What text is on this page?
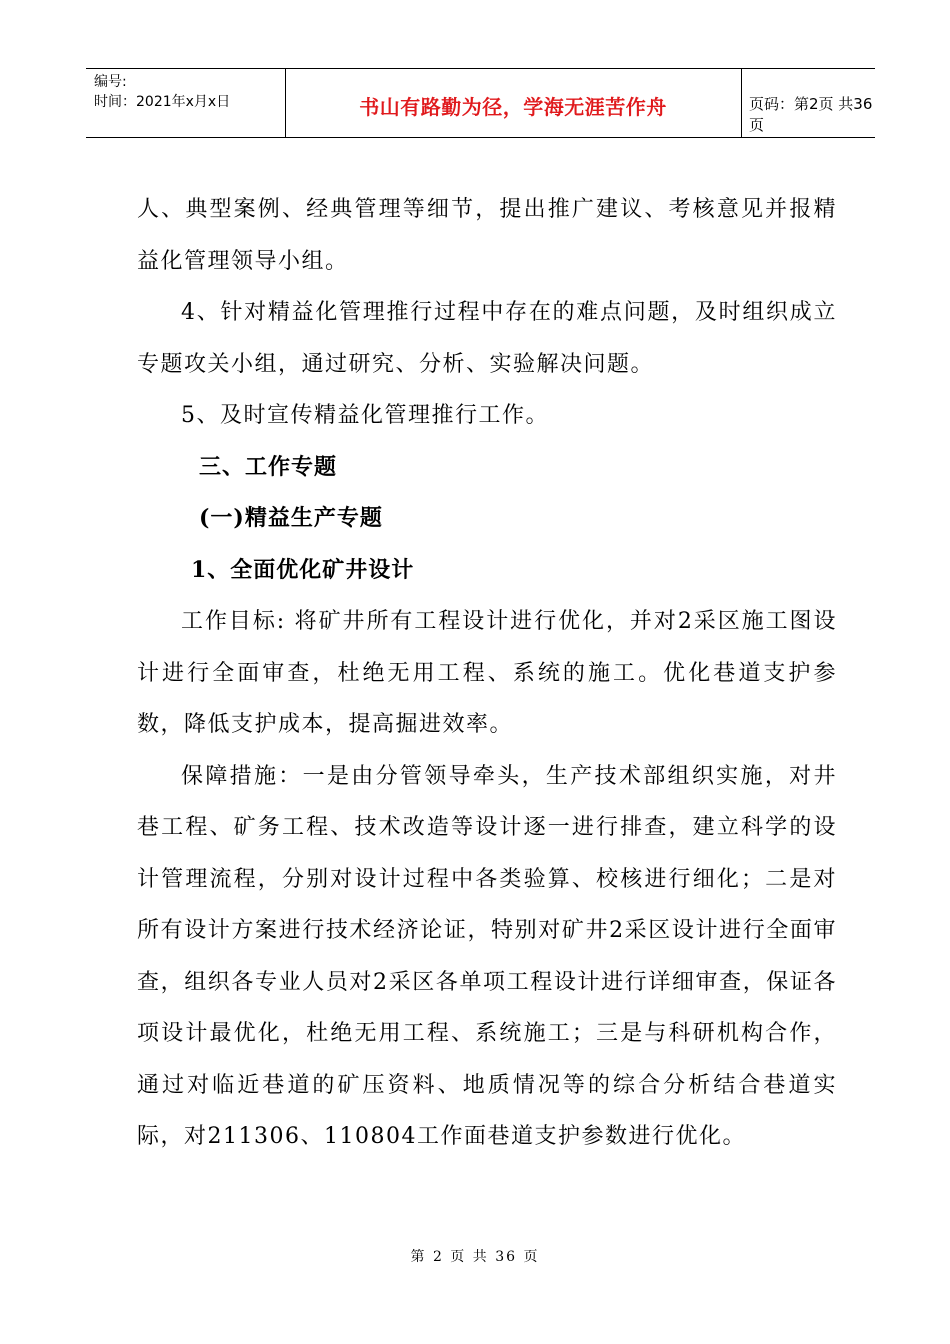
编号:
时间：2021年x月x日	书山有路勤为径，学海无涯苦作舟	页码：第2页 共36页

人、典型案例、经典管理等细节，提出推广建议、考核意见并报精益化管理领导小组。

4、针对精益化管理推行过程中存在的难点问题，及时组织成立专题攻关小组，通过研究、分析、实验解决问题。

5、及时宣传精益化管理推行工作。

三、工作专题

(一)精益生产专题

1、全面优化矿井设计

工作目标: 将矿井所有工程设计进行优化，并对2采区施工图设计进行全面审查，杜绝无用工程、系统的施工。优化巷道支护参数，降低支护成本，提高掘进效率。

保障措施：一是由分管领导牵头，生产技术部组织实施，对井巷工程、矿务工程、技术改造等设计逐一进行排查，建立科学的设计管理流程，分别对设计过程中各类验算、校核进行细化；二是对所有设计方案进行技术经济论证，特别对矿井2采区设计进行全面审查，组织各专业人员对2采区各单项工程设计进行详细审查，保证各项设计最优化，杜绝无用工程、系统施工；三是与科研机构合作，通过对临近巷道的矿压资料、地质情况等的综合分析结合巷道实际，对211306、110804工作面巷道支护参数进行优化。

第 2 页 共 36 页
